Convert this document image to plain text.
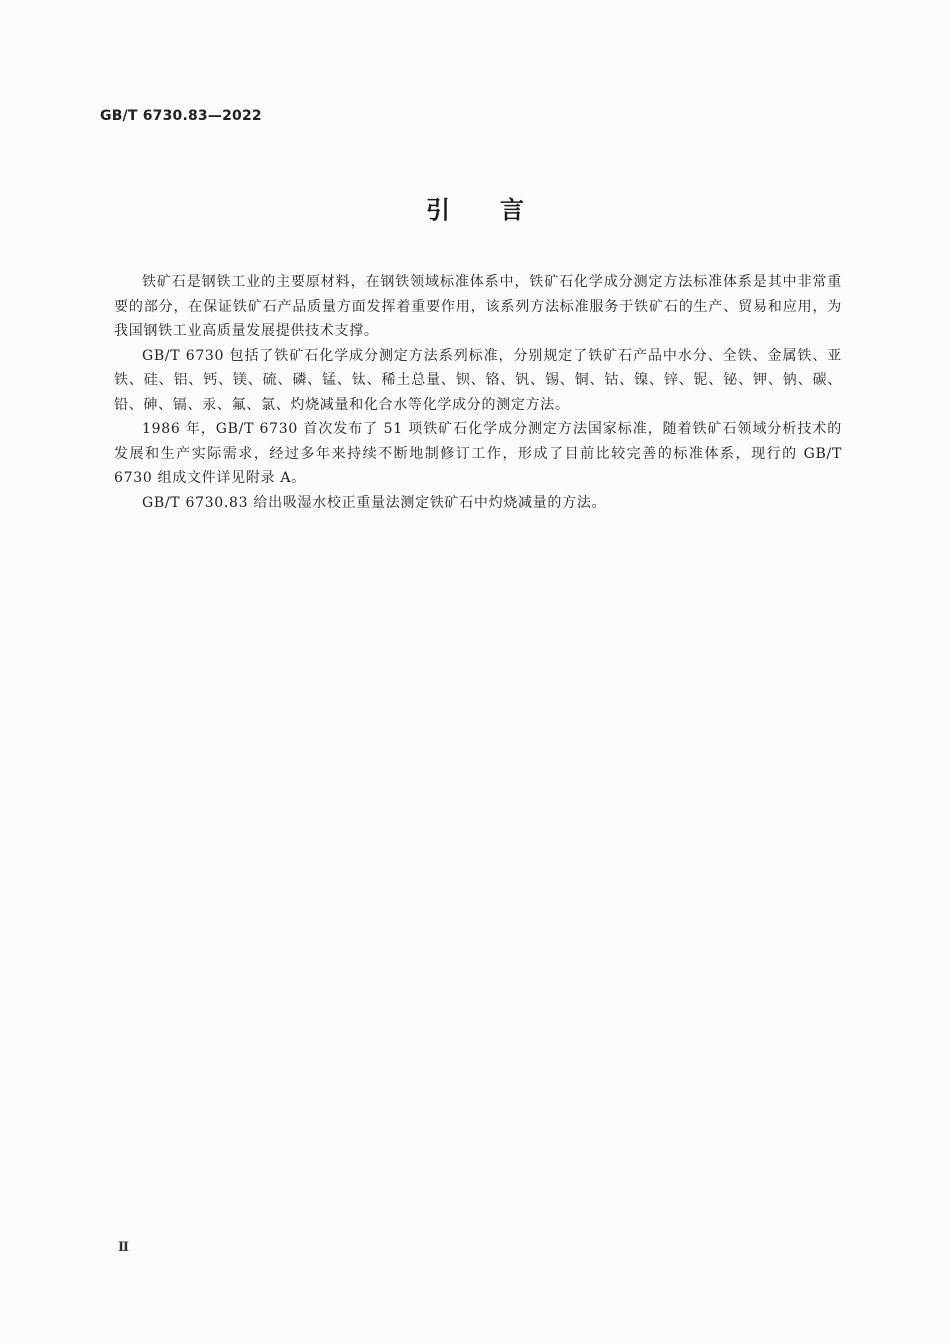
GB/T 6730.83—2022
引言

铁矿石是钢铁工业的主要原材料，在钢铁领域标准体系中，铁矿石化学成分测定方法标准体系是其中非常重要的部分，在保证铁矿石产品质量方面发挥着重要作用，该系列方法标准服务于铁矿石的生产、贸易和应用，为我国钢铁工业高质量发展提供技术支撑。

GB/T 6730 包括了铁矿石化学成分测定方法系列标准，分别规定了铁矿石产品中水分、全铁、金属铁、亚铁、硅、铝、钙、镁、硫、磷、锰、钛、稀土总量、钡、铬、钒、锡、铜、钴、镍、锌、铌、铋、钾、钠、碳、铅、砷、镉、汞、氟、氯、灼烧减量和化合水等化学成分的测定方法。

1986 年，GB/T 6730 首次发布了 51 项铁矿石化学成分测定方法国家标准，随着铁矿石领域分析技术的发展和生产实际需求，经过多年来持续不断地制修订工作，形成了目前比较完善的标准体系，现行的 GB/T 6730 组成文件详见附录 A。

GB/T 6730.83 给出吸湿水校正重量法测定铁矿石中灼烧减量的方法。

Ⅱ
